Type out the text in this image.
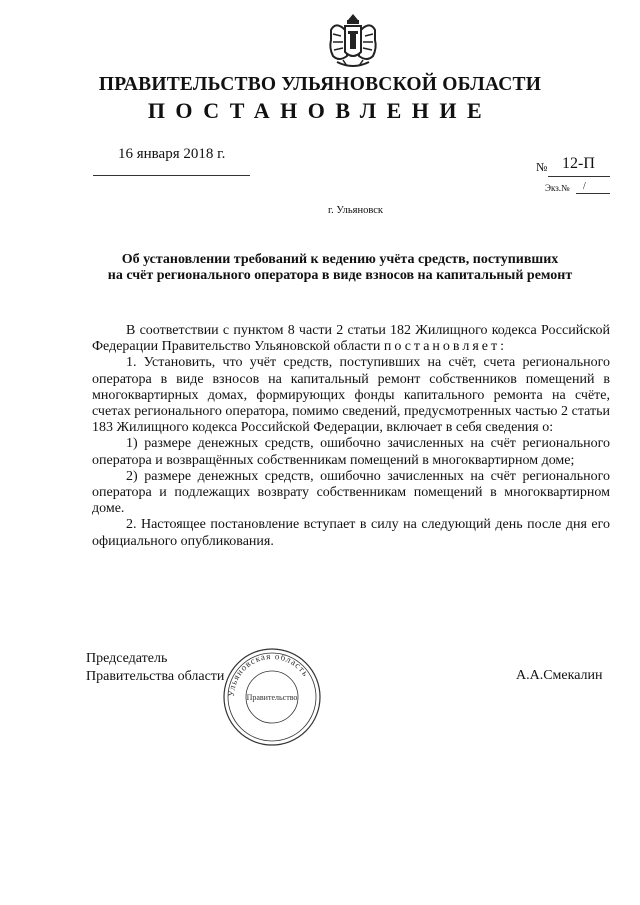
ПРАВИТЕЛЬСТВО УЛЬЯНОВСКОЙ ОБЛАСТИ
ПОСТАНОВЛЕНИЕ
16 января 2018 г.
№ 12-П
Экз.№ /
г. Ульяновск
Об установлении требований к ведению учёта средств, поступивших
на счёт регионального оператора в виде взносов на капитальный ремонт

В соответствии с пунктом 8 части 2 статьи 182 Жилищного кодекса Российской Федерации Правительство Ульяновской области постановляет:

1. Установить, что учёт средств, поступивших на счёт, счета регионального оператора в виде взносов на капитальный ремонт собственников помещений в многоквартирных домах, формирующих фонды капитального ремонта на счёте, счетах регионального оператора, помимо сведений, предусмотренных частью 2 статьи 183 Жилищного кодекса Российской Федерации, включает в себя сведения о:

1) размере денежных средств, ошибочно зачисленных на счёт регионального оператора и возвращённых собственникам помещений в многоквартирном доме;

2) размере денежных средств, ошибочно зачисленных на счёт регионального оператора и подлежащих возврату собственникам помещений в многоквартирном доме.

2. Настоящее постановление вступает в силу на следующий день после дня его официального опубликования.

Председатель
Правительства области
Ульяновская область
Правительство
А.А.Смекалин
